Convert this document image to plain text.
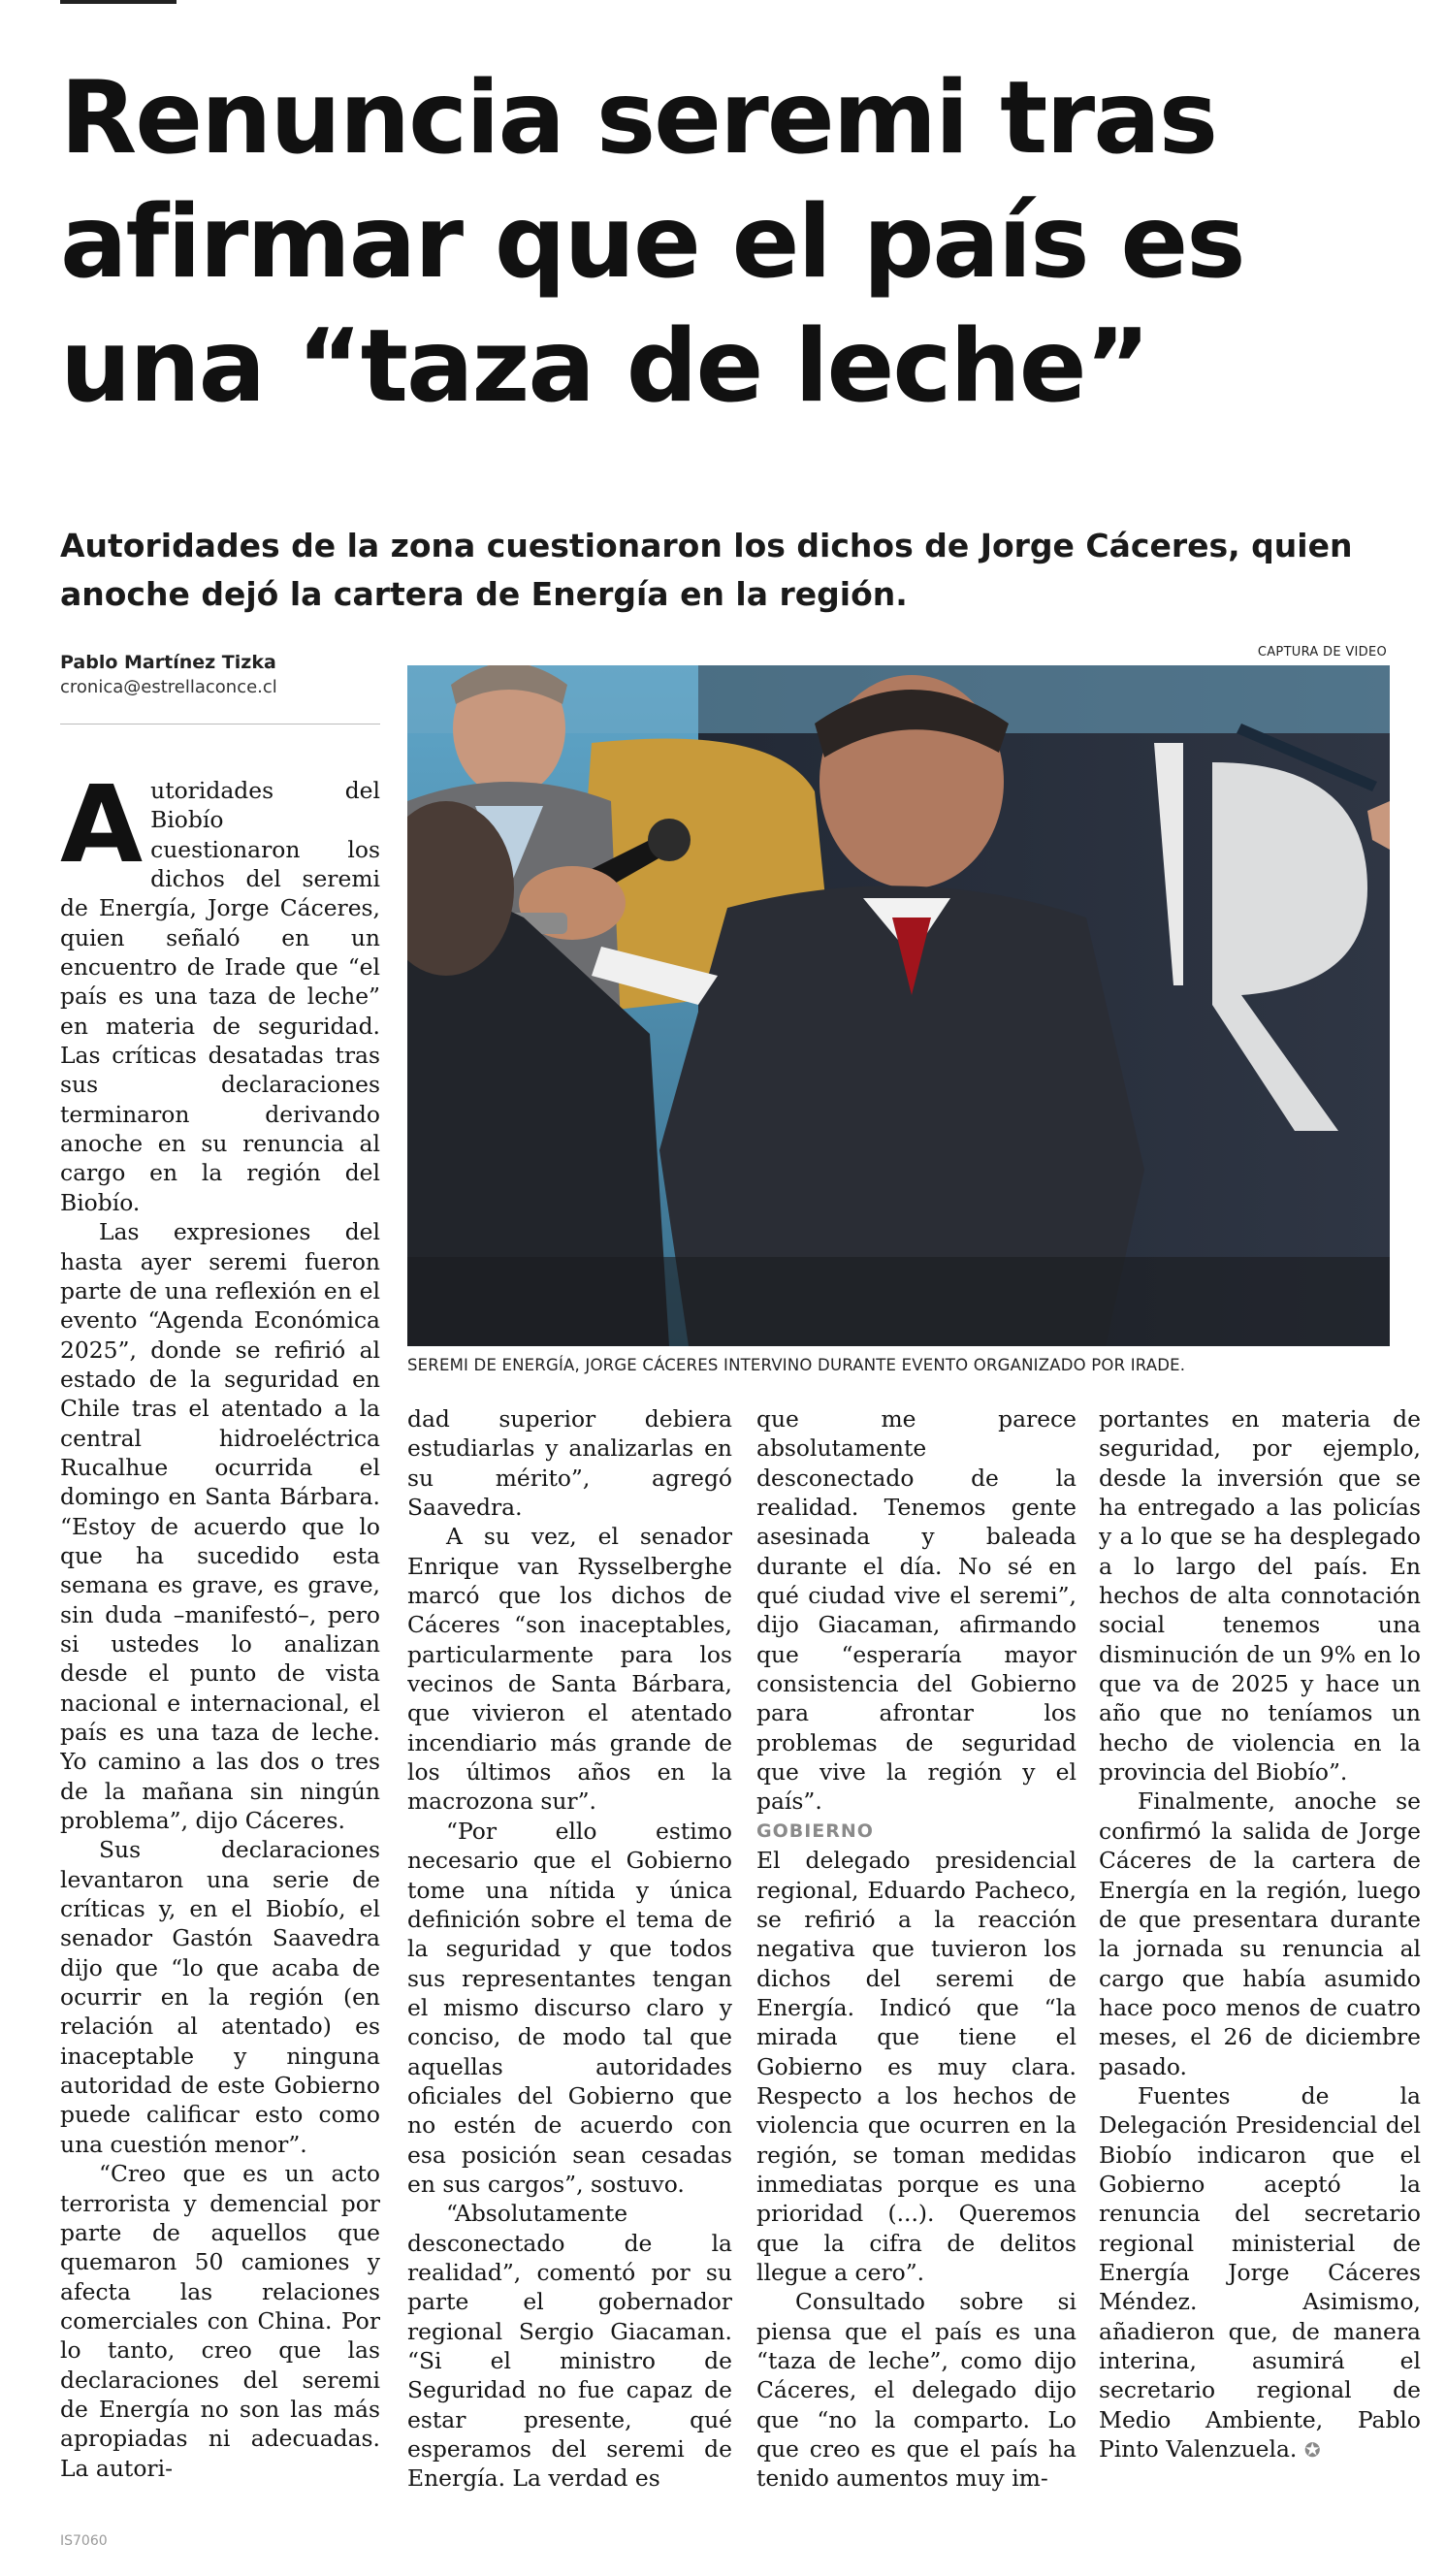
Renuncia seremi tras
afirmar que el país es
una “taza de leche”
Autoridades de la zona cuestionaron los dichos de Jorge Cáceres, quien anoche dejó la cartera de Energía en la región.
Pablo Martínez Tizka
cronica@estrellaconce.cl
CAPTURA DE VIDEO
SEREMI DE ENERGÍA, JORGE CÁCERES INTERVINO DURANTE EVENTO ORGANIZADO POR IRADE.

Autoridades del Biobío cuestionaron los dichos del seremi de Energía, Jorge Cáceres, quien señaló en un encuentro de Irade que “el país es una taza de leche” en materia de seguridad. Las críticas desatadas tras sus declaraciones terminaron derivando anoche en su renuncia al cargo en la región del Biobío.

Las expresiones del hasta ayer seremi fueron parte de una reflexión en el evento “Agenda Económica 2025”, donde se refirió al estado de la seguridad en Chile tras el atentado a la central hidroeléctrica Rucalhue ocurrida el domingo en Santa Bárbara. “Estoy de acuerdo que lo que ha sucedido esta semana es grave, es grave, sin duda –manifestó–, pero si ustedes lo analizan desde el punto de vista nacional e internacional, el país es una taza de leche. Yo camino a las dos o tres de la mañana sin ningún problema”, dijo Cáceres.

Sus declaraciones levantaron una serie de críticas y, en el Biobío, el senador Gastón Saavedra dijo que “lo que acaba de ocurrir en la región (en relación al atentado) es inaceptable y ninguna autoridad de este Gobierno puede calificar esto como una cuestión menor”.

“Creo que es un acto terrorista y demencial por parte de aquellos que quemaron 50 camiones y afecta las relaciones comerciales con China. Por lo tanto, creo que las declaraciones del seremi de Energía no son las más apropiadas ni adecuadas. La autori-

dad superior debiera estudiarlas y analizarlas en su mérito”, agregó Saavedra.

A su vez, el senador Enrique van Rysselberghe marcó que los dichos de Cáceres “son inaceptables, particularmente para los vecinos de Santa Bárbara, que vivieron el atentado incendiario más grande de los últimos años en la macrozona sur”.

“Por ello estimo necesario que el Gobierno tome una nítida y única definición sobre el tema de la seguridad y que todos sus representantes tengan el mismo discurso claro y conciso, de modo tal que aquellas autoridades oficiales del Gobierno que no estén de acuerdo con esa posición sean cesadas en sus cargos”, sostuvo.

“Absolutamente desconectado de la realidad”, comentó por su parte el gobernador regional Sergio Giacaman. “Si el ministro de Seguridad no fue capaz de estar presente, qué esperamos del seremi de Energía. La verdad es

que me parece absolutamente desconectado de la realidad. Tenemos gente asesinada y baleada durante el día. No sé en qué ciudad vive el seremi”, dijo Giacaman, afirmando que “esperaría mayor consistencia del Gobierno para afrontar los problemas de seguridad que vive la región y el país”.

GOBIERNO

El delegado presidencial regional, Eduardo Pacheco, se refirió a la reacción negativa que tuvieron los dichos del seremi de Energía. Indicó que “la mirada que tiene el Gobierno es muy clara. Respecto a los hechos de violencia que ocurren en la región, se toman medidas inmediatas porque es una prioridad (...). Queremos que la cifra de delitos llegue a cero”.

Consultado sobre si piensa que el país es una “taza de leche”, como dijo Cáceres, el delegado dijo que “no la comparto. Lo que creo es que el país ha tenido aumentos muy im-

portantes en materia de seguridad, por ejemplo, desde la inversión que se ha entregado a las policías y a lo que se ha desplegado a lo largo del país. En hechos de alta connotación social tenemos una disminución de un 9% en lo que va de 2025 y hace un año que no teníamos un hecho de violencia en la provincia del Biobío”.

Finalmente, anoche se confirmó la salida de Jorge Cáceres de la cartera de Energía en la región, luego de que presentara durante la jornada su renuncia al cargo que había asumido hace poco menos de cuatro meses, el 26 de diciembre pasado.

Fuentes de la Delegación Presidencial del Biobío indicaron que el Gobierno aceptó la renuncia del secretario regional ministerial de Energía Jorge Cáceres Méndez. Asimismo, añadieron que, de manera interina, asumirá el secretario regional de Medio Ambiente, Pablo Pinto Valenzuela. ✪

IS7060
